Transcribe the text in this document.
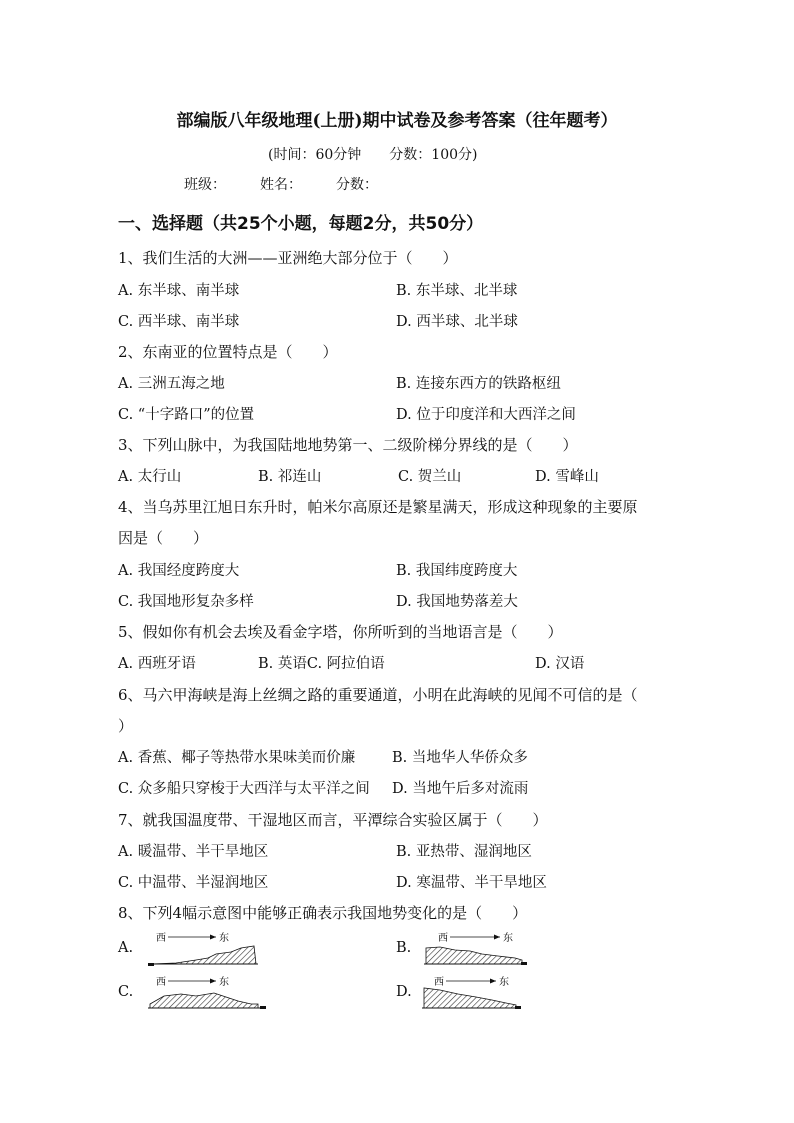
部编版八年级地理(上册)期中试卷及参考答案（往年题考）
(时间：60分钟 分数：100分)
班级： 姓名： 分数：
一、选择题（共25个小题，每题2分，共50分）
1、我们生活的大洲——亚洲绝大部分位于（　　）
A. 东半球、南半球	B. 东半球、北半球
C. 西半球、南半球	D. 西半球、北半球
2、东南亚的位置特点是（　　）
A. 三洲五海之地	B. 连接东西方的铁路枢纽
C. “十字路口”的位置	D. 位于印度洋和大西洋之间
3、下列山脉中，为我国陆地地势第一、二级阶梯分界线的是（　　）
A. 太行山	B. 祁连山	C. 贺兰山	D. 雪峰山
4、当乌苏里江旭日东升时，帕米尔高原还是繁星满天，形成这种现象的主要原
因是（　　）
A. 我国经度跨度大	B. 我国纬度跨度大
C. 我国地形复杂多样	D. 我国地势落差大
5、假如你有机会去埃及看金字塔，你所听到的当地语言是（　　）
A. 西班牙语	B. 英语C. 阿拉伯语	D. 汉语
6、马六甲海峡是海上丝绸之路的重要通道，小明在此海峡的见闻不可信的是（
）
A. 香蕉、椰子等热带水果味美而价廉	B. 当地华人华侨众多
C. 众多船只穿梭于大西洋与太平洋之间 D. 当地午后多对流雨
7、就我国温度带、干湿地区而言，平潭综合实验区属于（　　）
A. 暖温带、半干旱地区	B. 亚热带、湿润地区
C. 中温带、半湿润地区	D. 寒温带、半干旱地区
8、下列4幅示意图中能够正确表示我国地势变化的是（　　）
A.
西	东
B.
西	东
C.
西	东
D.
西	东
